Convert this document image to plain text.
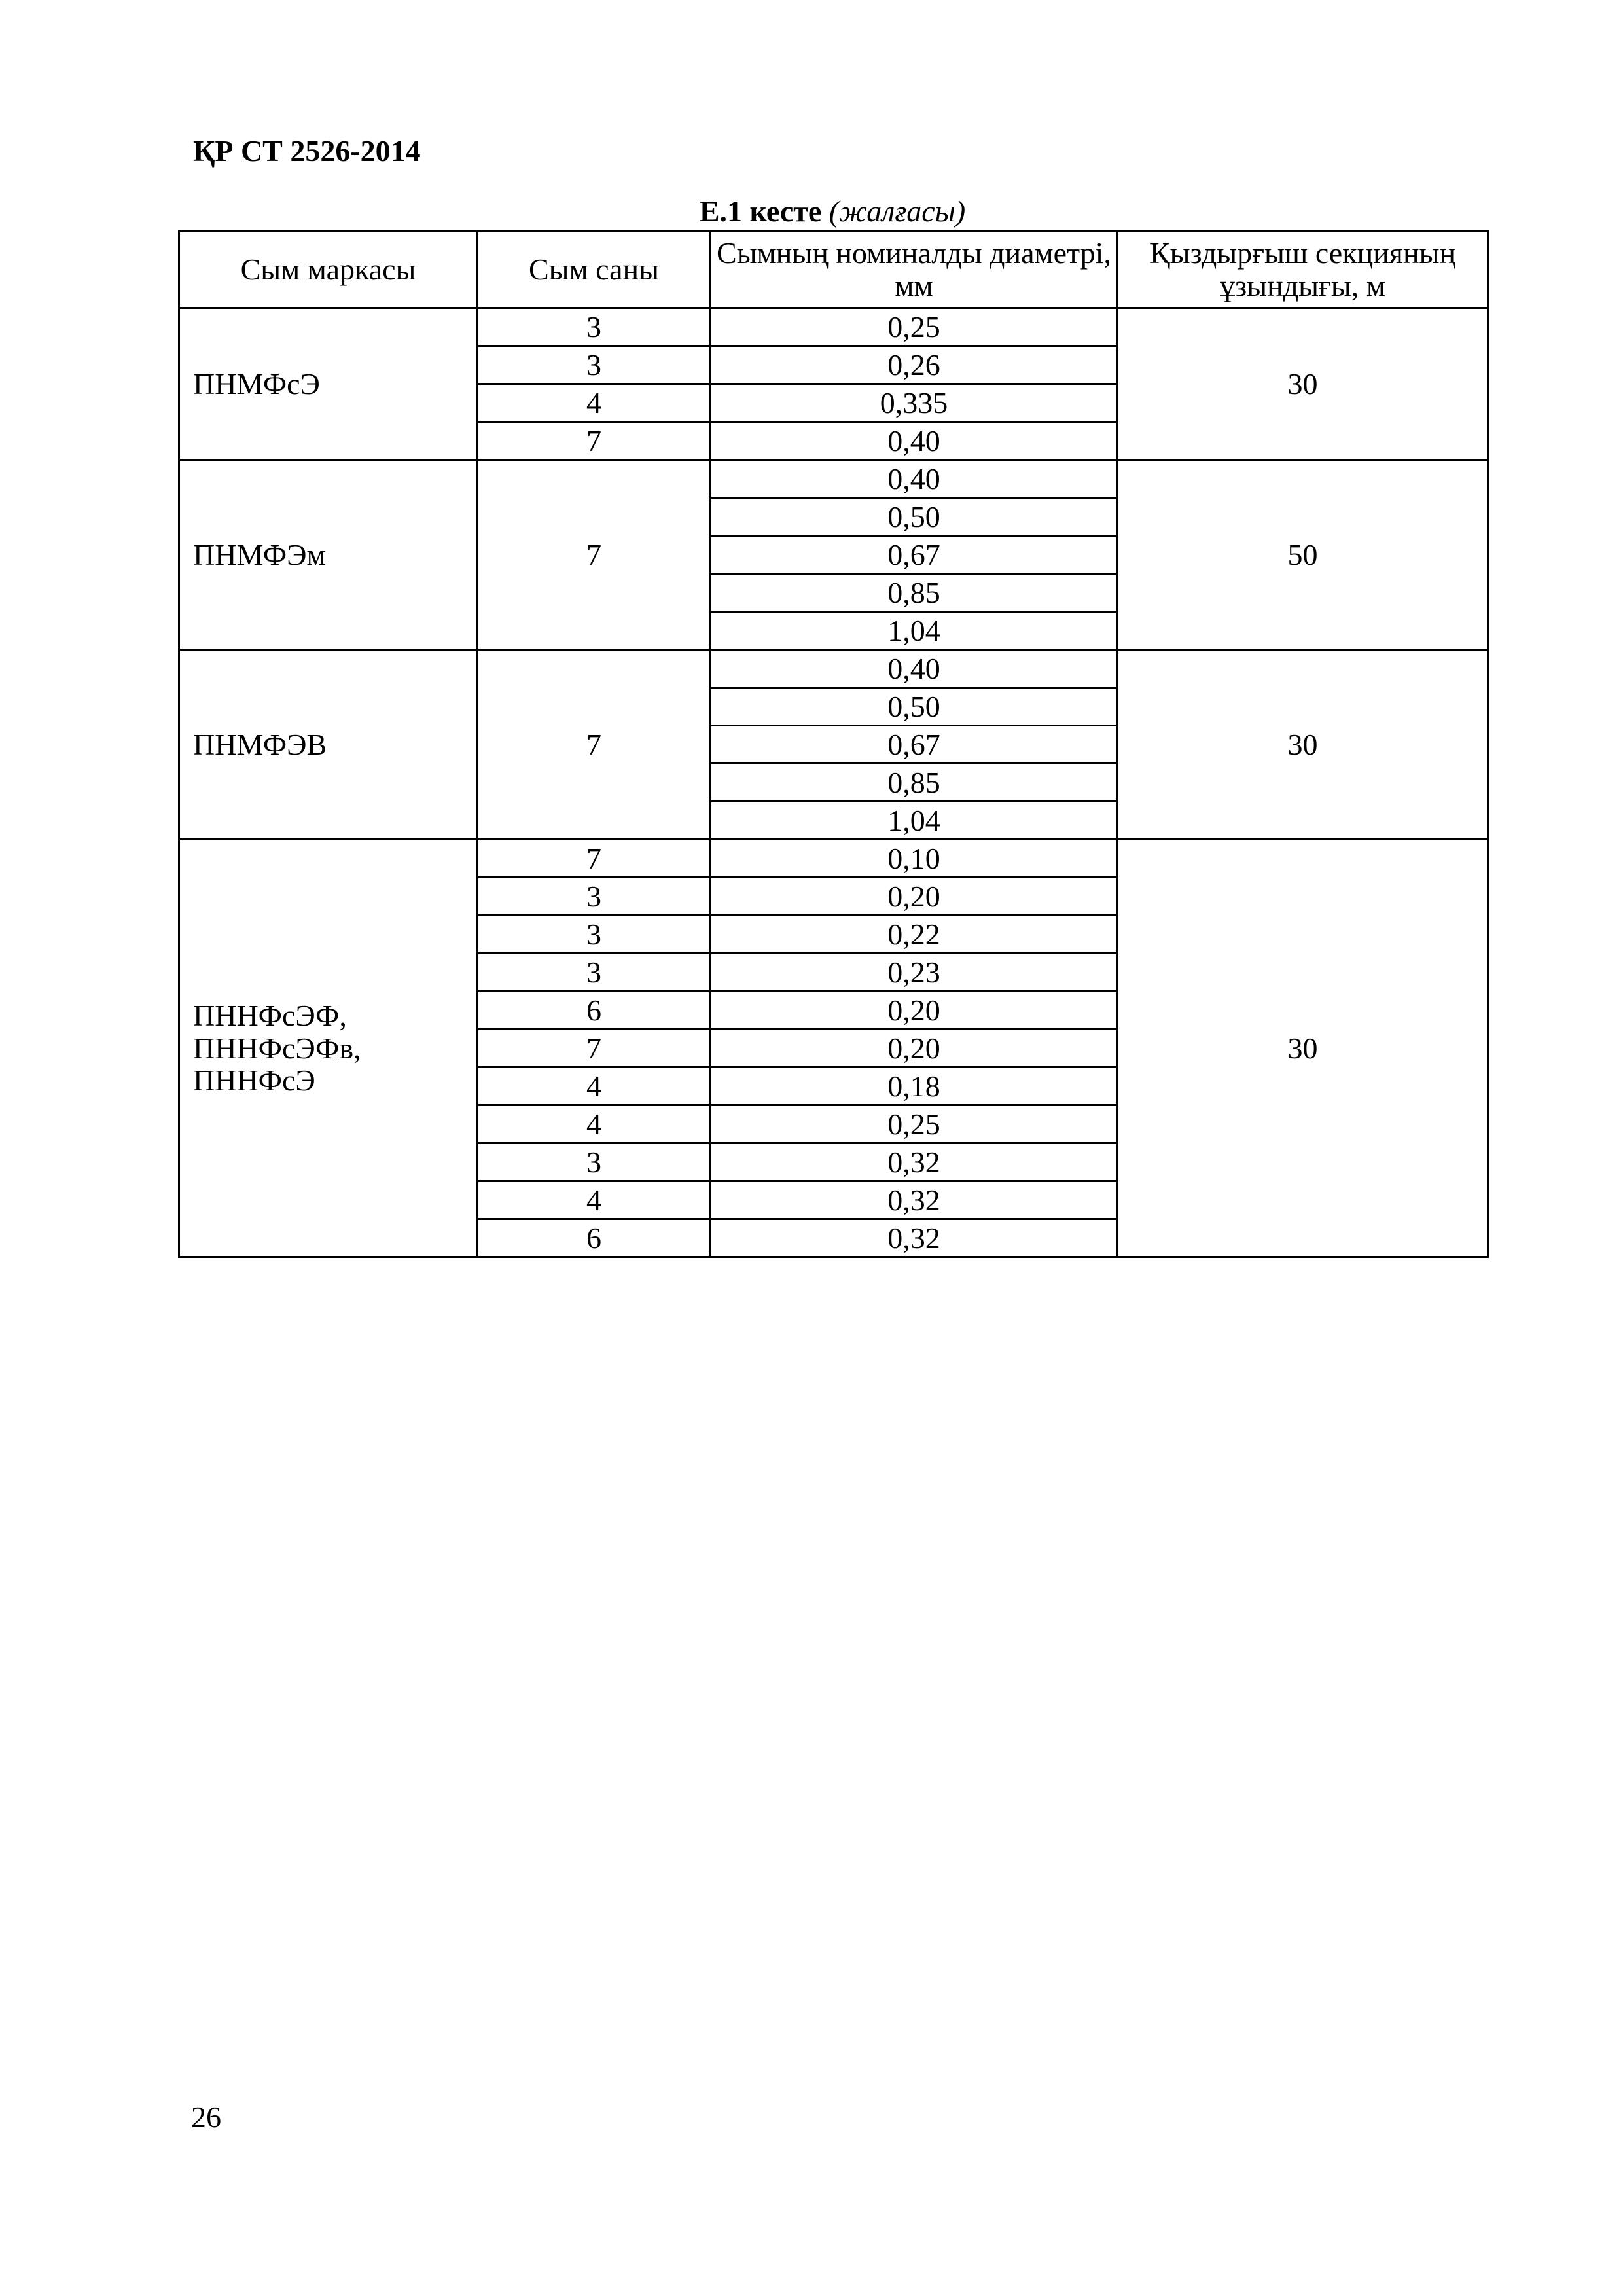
ҚР СТ 2526-2014
Е.1 кесте (жалғасы)
Сым маркасы	Сым саны	Сымның номиналды диаметрі, мм	Қыздырғыш секцияның ұзындығы, м

ПНМФсЭ	3	0,25	30
	3	0,26	
	4	0,335	
	7	0,40	

ПНМФЭм	7	0,40	50
		0,50	
		0,67	
		0,85	
		1,04	

ПНМФЭВ	7	0,40	30
		0,50	
		0,67	
		0,85	
		1,04	

ПННФсЭФ,
ПННФсЭФв,
ПННФсЭ	7	0,10	30
	3	0,20	
	3	0,22	
	3	0,23	
	6	0,20	
	7	0,20	
	4	0,18	
	4	0,25	
	3	0,32	
	4	0,32	
	6	0,32	
26
